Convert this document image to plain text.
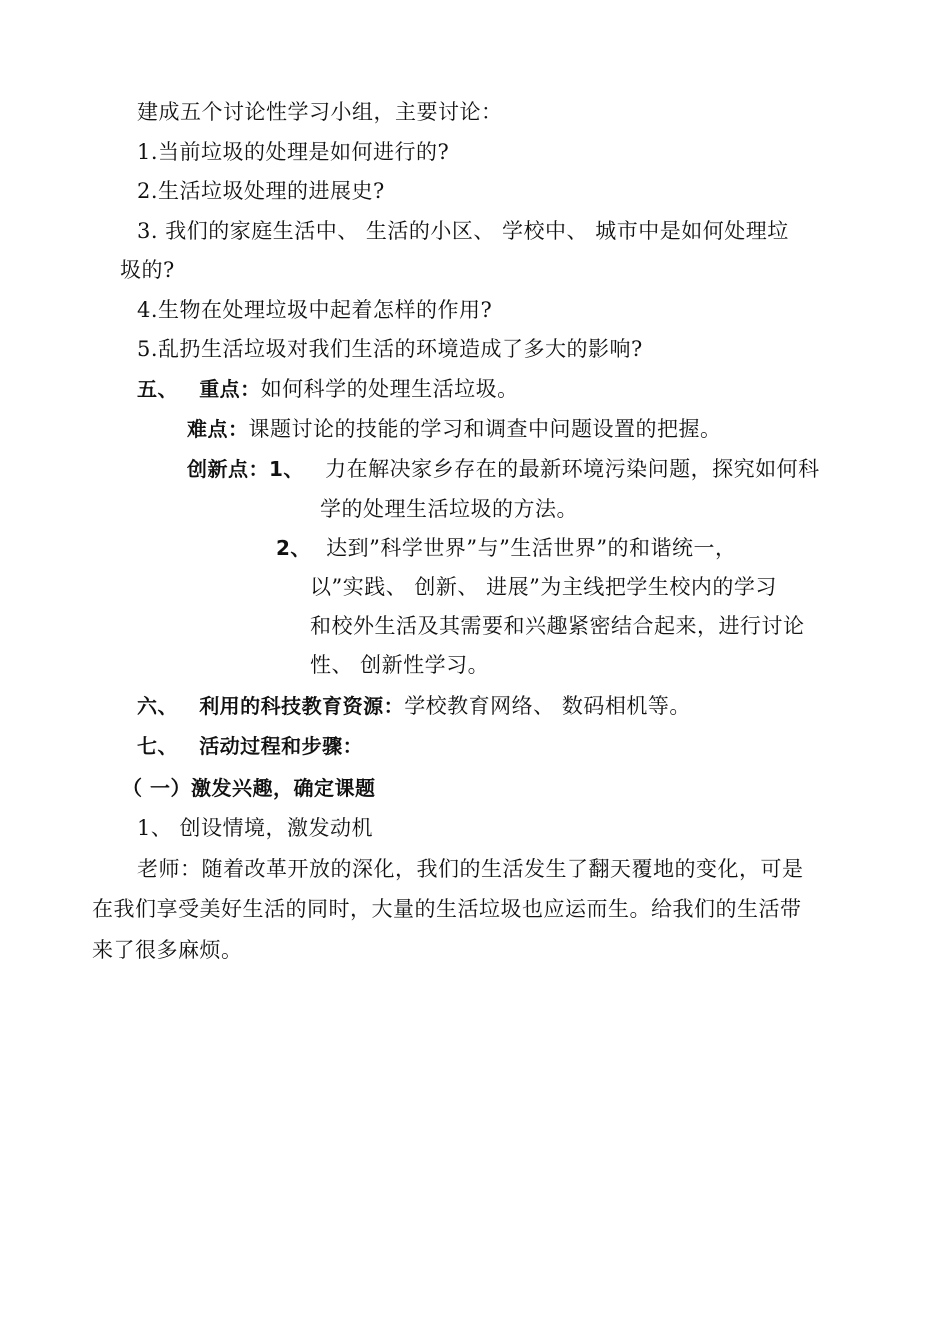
建成五个讨论性学习小组，主要讨论：
1.当前垃圾的处理是如何进行的?
2.生活垃圾处理的进展史?
3. 我们的家庭生活中、 生活的小区、 学校中、 城市中是如何处理垃
圾的?
4.生物在处理垃圾中起着怎样的作用?
5.乱扔生活垃圾对我们生活的环境造成了多大的影响?
五、 重点：如何科学的处理生活垃圾。
难点：课题讨论的技能的学习和调查中问题设置的把握。
创新点：1、 力在解决家乡存在的最新环境污染问题，探究如何科
学的处理生活垃圾的方法。
2、 达到”科学世界”与”生活世界”的和谐统一，
以”实践、 创新、 进展”为主线把学生校内的学习
和校外生活及其需要和兴趣紧密结合起来，进行讨论
性、 创新性学习。
六、 利用的科技教育资源：学校教育网络、 数码相机等。
七、 活动过程和步骤：
（ 一）激发兴趣，确定课题
1、 创设情境，激发动机
老师：随着改革开放的深化，我们的生活发生了翻天覆地的变化，可是
在我们享受美好生活的同时，大量的生活垃圾也应运而生。给我们的生活带
来了很多麻烦。
